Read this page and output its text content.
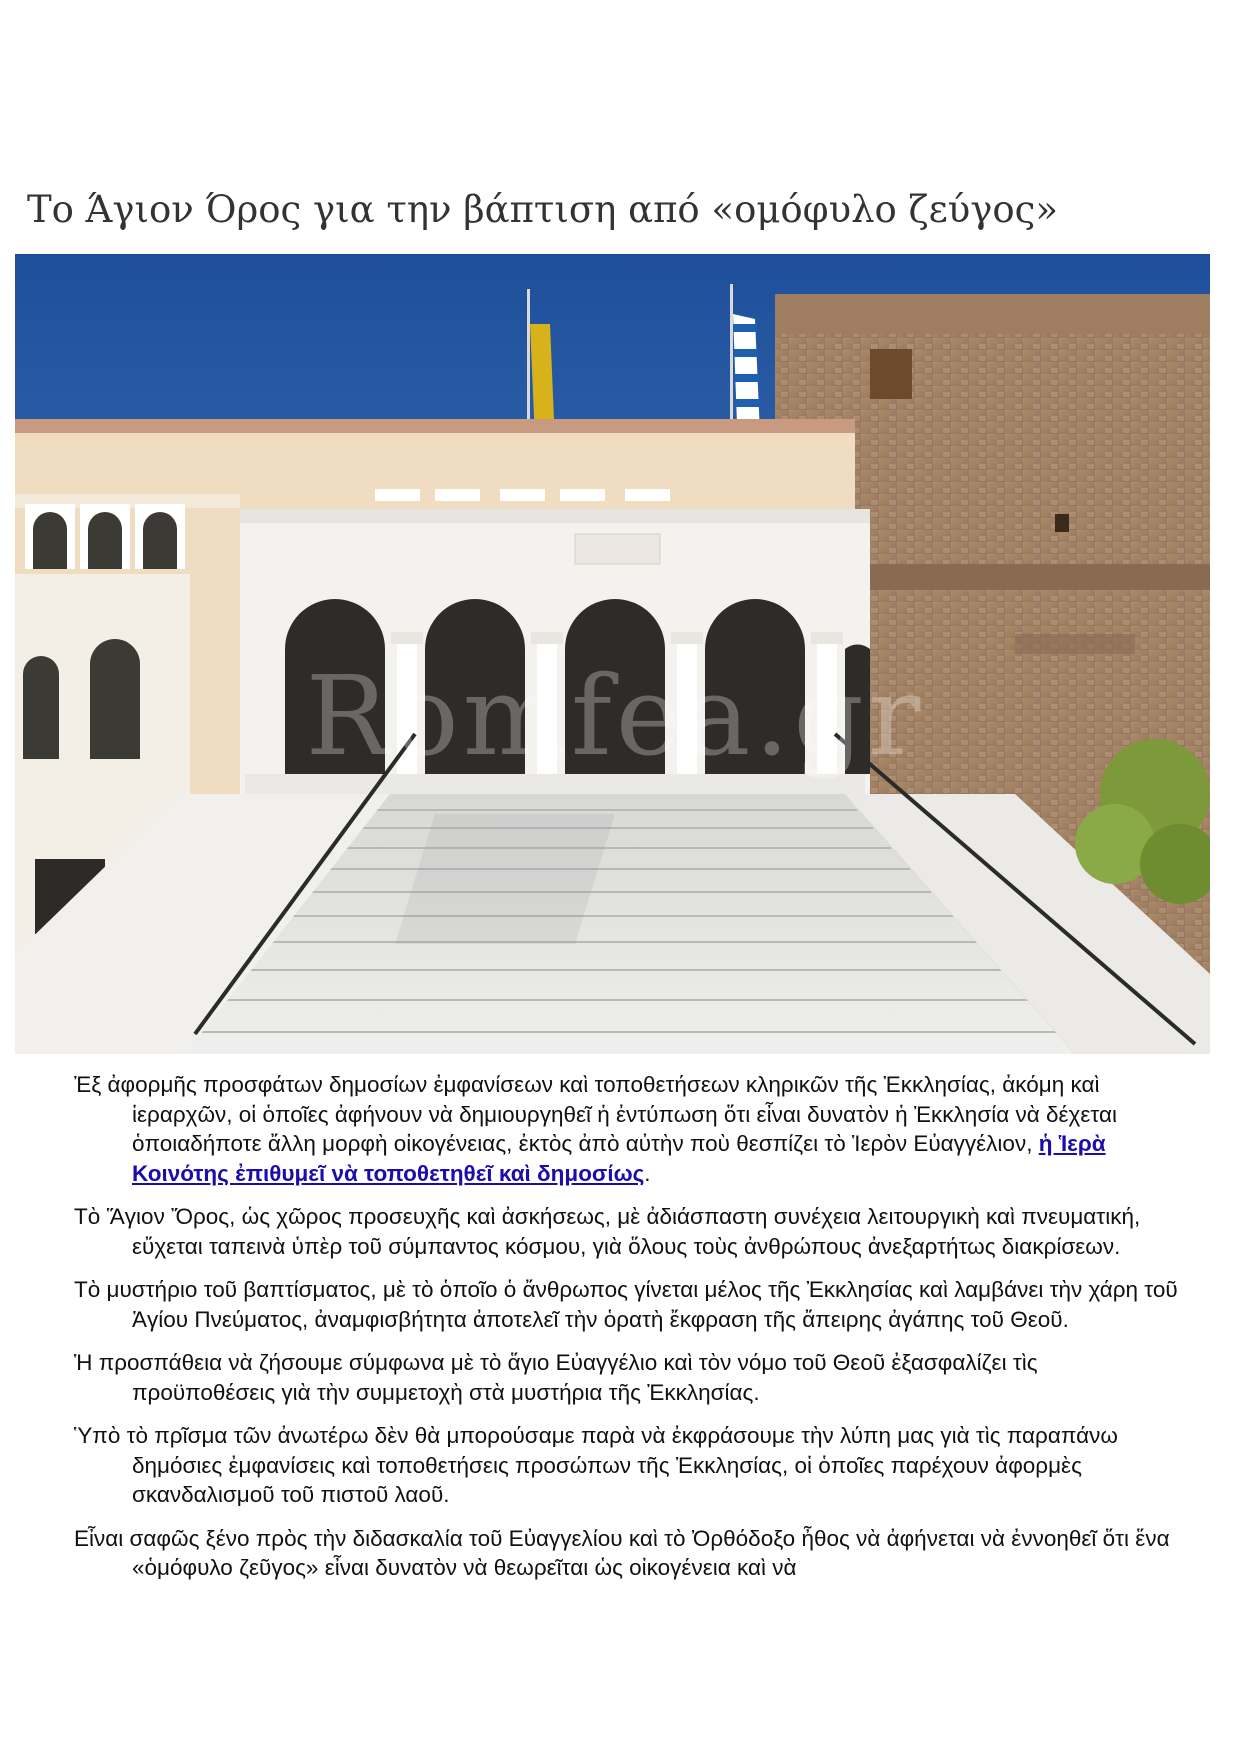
Το Άγιον Όρος για την βάπτιση από «ομόφυλο ζεύγος»
Romfea.gr

Ἐξ ἀφορμῆς προσφάτων δημοσίων ἐμφανίσεων καὶ τοποθετήσεων κληρικῶν τῆς Ἐκκλησίας, ἀκόμη καὶ ἱεραρχῶν, οἱ ὁποῖες ἀφήνουν νὰ δημιουργηθεῖ ἡ ἐντύπωση ὅτι εἶναι δυνατὸν ἡ Ἐκκλησία νὰ δέχεται ὁποιαδήποτε ἄλλη μορφὴ οἰκογένειας, ἐκτὸς ἀπὸ αὐτὴν ποὺ θεσπίζει τὸ Ἱερὸν Εὐαγγέλιον, ἡ Ἱερὰ Κοινότης ἐπιθυμεῖ νὰ τοποθετηθεῖ καὶ δημοσίως.

Τὸ Ἅγιον Ὄρος, ὡς χῶρος προσευχῆς καὶ ἀσκήσεως, μὲ ἀδιάσπαστη συνέχεια λειτουργικὴ καὶ πνευματική, εὔχεται ταπεινὰ ὑπὲρ τοῦ σύμπαντος κόσμου, γιὰ ὅλους τοὺς ἀνθρώπους ἀνεξαρτήτως διακρίσεων.

Τὸ μυστήριο τοῦ βαπτίσματος, μὲ τὸ ὁποῖο ὁ ἄνθρωπος γίνεται μέλος τῆς Ἐκκλησίας καὶ λαμβάνει τὴν χάρη τοῦ Ἁγίου Πνεύματος, ἀναμφισβήτητα ἀποτελεῖ τὴν ὁρατὴ ἔκφραση τῆς ἄπειρης ἀγάπης τοῦ Θεοῦ.

Ἡ προσπάθεια νὰ ζήσουμε σύμφωνα μὲ τὸ ἅγιο Εὐαγγέλιο καὶ τὸν νόμο τοῦ Θεοῦ ἐξασφαλίζει τὶς προϋποθέσεις γιὰ τὴν συμμετοχὴ στὰ μυστήρια τῆς Ἐκκλησίας.

Ὑπὸ τὸ πρῖσμα τῶν ἀνωτέρω δὲν θὰ μπορούσαμε παρὰ νὰ ἐκφράσουμε τὴν λύπη μας γιὰ τὶς παραπάνω δημόσιες ἐμφανίσεις καὶ τοποθετήσεις προσώπων τῆς Ἐκκλησίας, οἱ ὁποῖες παρέχουν ἀφορμὲς σκανδαλισμοῦ τοῦ πιστοῦ λαοῦ.

Εἶναι σαφῶς ξένο πρὸς τὴν διδασκαλία τοῦ Εὐαγγελίου καὶ τὸ Ὀρθόδοξο ἦθος νὰ ἀφήνεται νὰ ἐννοηθεῖ ὅτι ἕνα «ὁμόφυλο ζεῦγος» εἶναι δυνατὸν νὰ θεωρεῖται ὡς οἰκογένεια καὶ νὰ
